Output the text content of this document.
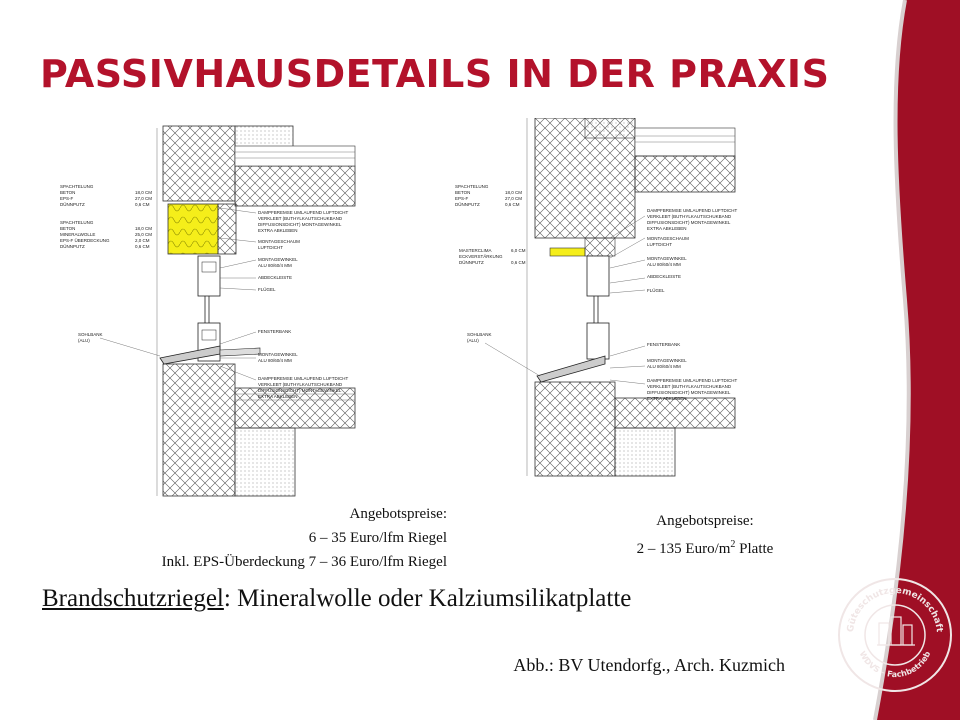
PASSIVHAUSDETAILS IN DER PRAXIS
SPACHTELUNG
BETON
EPS-F
DÜNNPUTZ
18,0 CM
27,0 CM
0,6 CM
SPACHTELUNG
BETON
MINERALWOLLE
EPS-F ÜBERDECKUNG
DÜNNPUTZ
18,0 CM
25,0 CM
2,0 CM
0,6 CM
SOHLBANK
(ALU)
DAMPFBREMSE UMLAUFEND LUFTDICHT
VERKLEBT (BUTHYLKAUTSCHUKBAND
DIFFUSIONSDICHT) MONTAGEWINKEL
EXTRA ABKLEBEN
MONTAGESCHAUM
LUFTDICHT
MONTAGEWINKEL
ALU 80/60/4 MM
ABDECKLEISTE
FLÜGEL
FENSTERBANK
MONTAGEWINKEL
ALU 80/60/4 MM
DAMPFBREMSE UMLAUFEND LUFTDICHT
VERKLEBT (BUTHYLKAUTSCHUKBAND
DIFFUSIONSDICHT) MONTAGEWINKEL
EXTRA ABKLEBEN
SPACHTELUNG
BETON
EPS-F
DÜNNPUTZ
18,0 CM
27,0 CM
0,6 CM
MASTERCLIMA
ECKVERSTÄRKUNG
DÜNNPUTZ
6,0 CM
0,6 CM
SOHLBANK
(ALU)
DAMPFBREMSE UMLAUFEND LUFTDICHT
VERKLEBT (BUTHYLKAUTSCHUKBAND
DIFFUSIONSDICHT) MONTAGEWINKEL
EXTRA ABKLEBEN
MONTAGESCHAUM
LUFTDICHT
MONTAGEWINKEL
ALU 80/60/4 MM
ABDECKLEISTE
FLÜGEL
FENSTERBANK
MONTAGEWINKEL
ALU 80/60/4 MM
DAMPFBREMSE UMLAUFEND LUFTDICHT
VERKLEBT (BUTHYLKAUTSCHUKBAND
DIFFUSIONSDICHT) MONTAGEWINKEL
EXTRA ABKLEBEN
Angebotspreise:
6 – 35 Euro/lfm Riegel
Inkl. EPS-Überdeckung 7 – 36 Euro/lfm Riegel
Angebotspreise:
2 – 135 Euro/$m^2$ Platte
Brandschutzriegel: Mineralwolle oder Kalziumsilikatplatte
Abb.: BV Utendorfg., Arch. Kuzmich
Güteschutzgemeinschaft
WDVS – Fachbetrieb
